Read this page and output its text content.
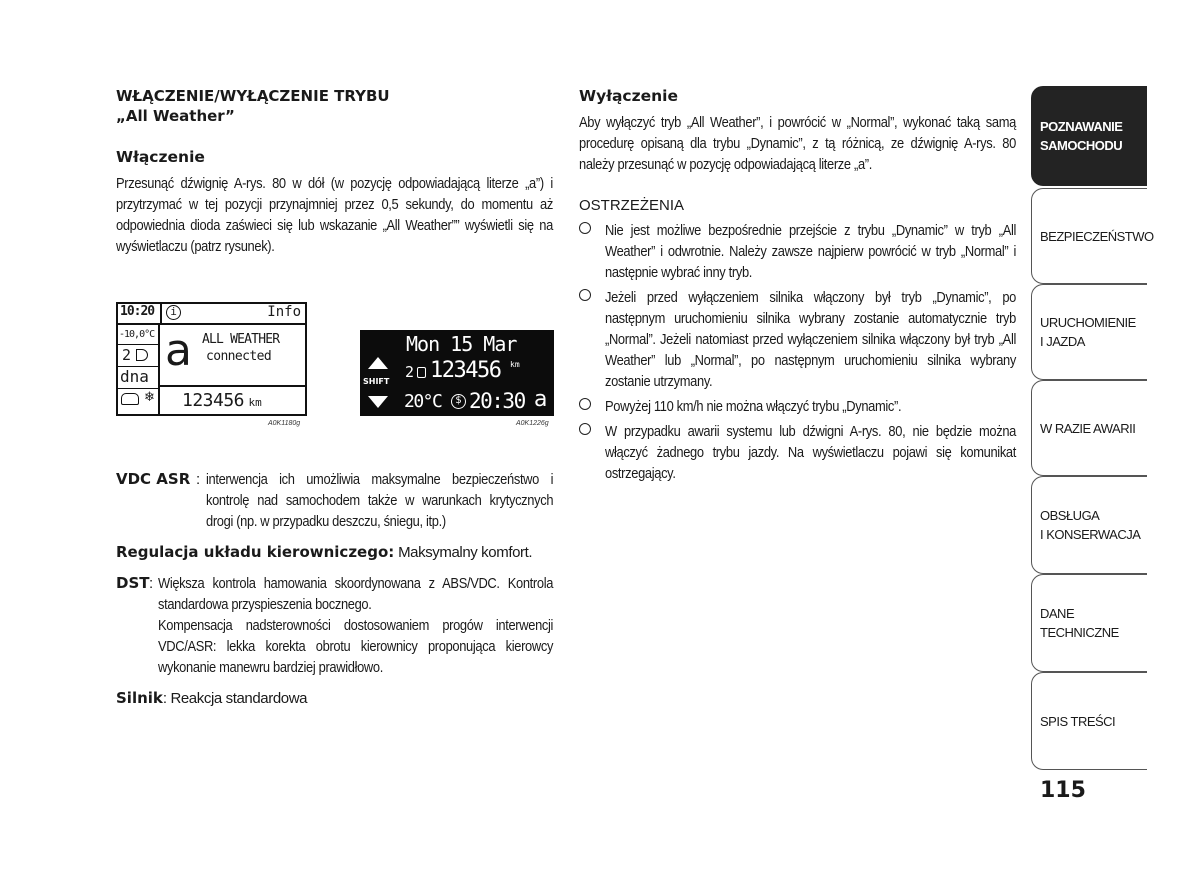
WŁĄCZENIE/WYŁĄCZENIE TRYBU
„All Weather”
Włączenie

Przesunąć dźwignię A-rys. 80 w dół (w pozycję odpowiadającą literze „a”) i przytrzymać w tej pozycji przynajmniej przez 0,5 sekundy, do momentu aż odpowiednia dioda zaświeci się lub wskazanie „All Weather”” wyświetli się na wyświetlaczu (patrz rysunek).

10:20	i	Info
-10,0°C
2
dna
❄
a ALL WEATHER
connected
123456 km
A0K1180g
Mon 15 Mar
SHIFT
2 123456 km
20°C	$ 20:30 a
A0K1226g
VDC ASR : interwencja ich umożliwia maksymalne bezpieczeństwo i kontrolę nad samochodem także w warunkach krytycznych drogi (np. w przypadku deszczu, śniegu, itp.)

Regulacja układu kierowniczego: Maksymalny komfort.
DST : Większa kontrola hamowania skoordynowana z ABS/VDC. Kontrola standardowa przyspieszenia bocznego.

Kompensacja nadsterowności dostosowaniem progów interwencji VDC/ASR: lekka korekta obrotu kierownicy proponująca kierowcy wykonanie manewru bardziej prawidłowo.

Silnik: Reakcja standardowa
Wyłączenie

Aby wyłączyć tryb „All Weather”, i powrócić w „Normal”, wykonać taką samą procedurę opisaną dla trybu „Dynamic”, z tą różnicą, ze dźwignię A-rys. 80 należy przesunąć w pozycję odpowiadającą literze „a”.

OSTRZEŻENIA

Nie jest możliwe bezpośrednie przejście z trybu „Dynamic” w tryb „All Weather” i odwrotnie. Należy zawsze najpierw powrócić w tryb „Normal” i następnie wybrać inny tryb.

Jeżeli przed wyłączeniem silnika włączony był tryb „Dynamic”, po następnym uruchomieniu silnika wybrany zostanie automatycznie tryb „Normal”. Jeżeli natomiast przed wyłączeniem silnika włączony był tryb „All Weather” lub „Normal”, po następnym uruchomieniu silnika wybrany zostanie utrzymany.

Powyżej 110 km/h nie można włączyć trybu „Dynamic”.

W przypadku awarii systemu lub dźwigni A-rys. 80, nie będzie można włączyć żadnego trybu jazdy. Na wyświetlaczu pojawi się komunikat ostrzegający.

POZNAWANIE
SAMOCHODU
BEZPIECZEŃSTWO
URUCHOMIENIE
I JAZDA
W RAZIE AWARII
OBSŁUGA
I KONSERWACJA
DANE
TECHNICZNE
SPIS TREŚCI
115
